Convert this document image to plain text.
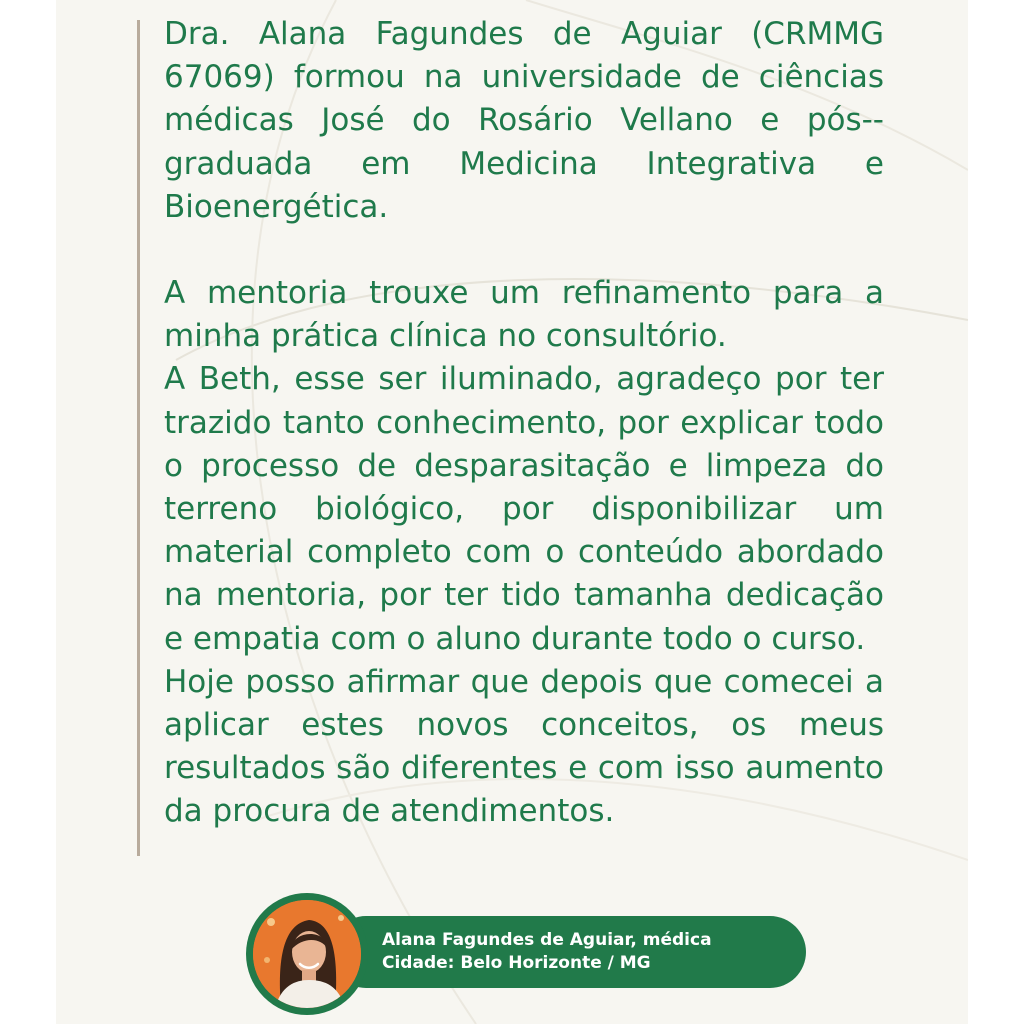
Dra. Alana Fagundes de Aguiar (CRMMG 67069) formou na universidade de ciências médicas José do Rosário Vellano e pós--graduada em Medicina Integrativa e Bioenergética.

A mentoria trouxe um refinamento para a minha prática clínica no consultório.

A Beth, esse ser iluminado, agradeço por ter trazido tanto conhecimento, por explicar todo o processo de desparasitação e limpeza do terreno biológico, por disponibilizar um material completo com o conteúdo abordado na mentoria, por ter tido tamanha dedicação e empatia com o aluno durante todo o curso.

Hoje posso afirmar que depois que comecei a aplicar estes novos conceitos, os meus resultados são diferentes e com isso aumento da procura de atendimentos.

Alana Fagundes de Aguiar, médica
Cidade: Belo Horizonte / MG
